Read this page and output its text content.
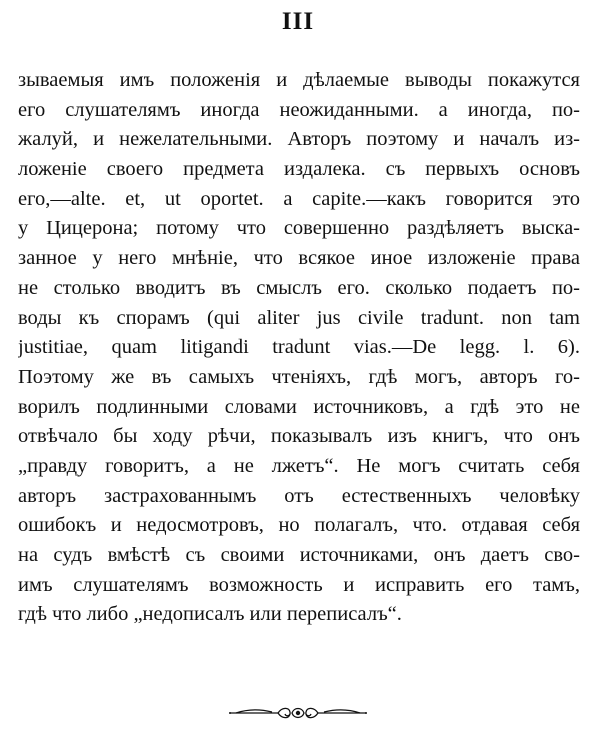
III
зываемыя имъ положенія и дѣлаемые выводы покажутся
его слушателямъ иногда неожиданными. а иногда, по-
жалуй, и нежелательными. Авторъ поэтому и началъ из-
ложеніе своего предмета издалека. съ первыхъ основъ
его,—alte. et, ut oportet. a capite.—какъ говорится это
у Цицерона; потому что совершенно раздѣляетъ выска-
занное у него мнѣніе, что всякое иное изложеніе права
не столько вводитъ въ смыслъ его. сколько подаетъ по-
воды къ спорамъ (qui aliter jus civile tradunt. non tam
justitiae, quam litigandi tradunt vias.—De legg. l. 6).
Поэтому же въ самыхъ чтеніяхъ, гдѣ могъ, авторъ го-
ворилъ подлинными словами источниковъ, а гдѣ это не
отвѣчало бы ходу рѣчи, показывалъ изъ книгъ, что онъ
„правду говоритъ, а не лжетъ“. Не могъ считать себя
авторъ застрахованнымъ отъ естественныхъ человѣку
ошибокъ и недосмотровъ, но полагалъ, что. отдавая себя
на судъ вмѣстѣ съ своими источниками, онъ даетъ сво-
имъ слушателямъ возможность и исправить его тамъ,
гдѣ что либо „недописалъ или переписалъ“.
